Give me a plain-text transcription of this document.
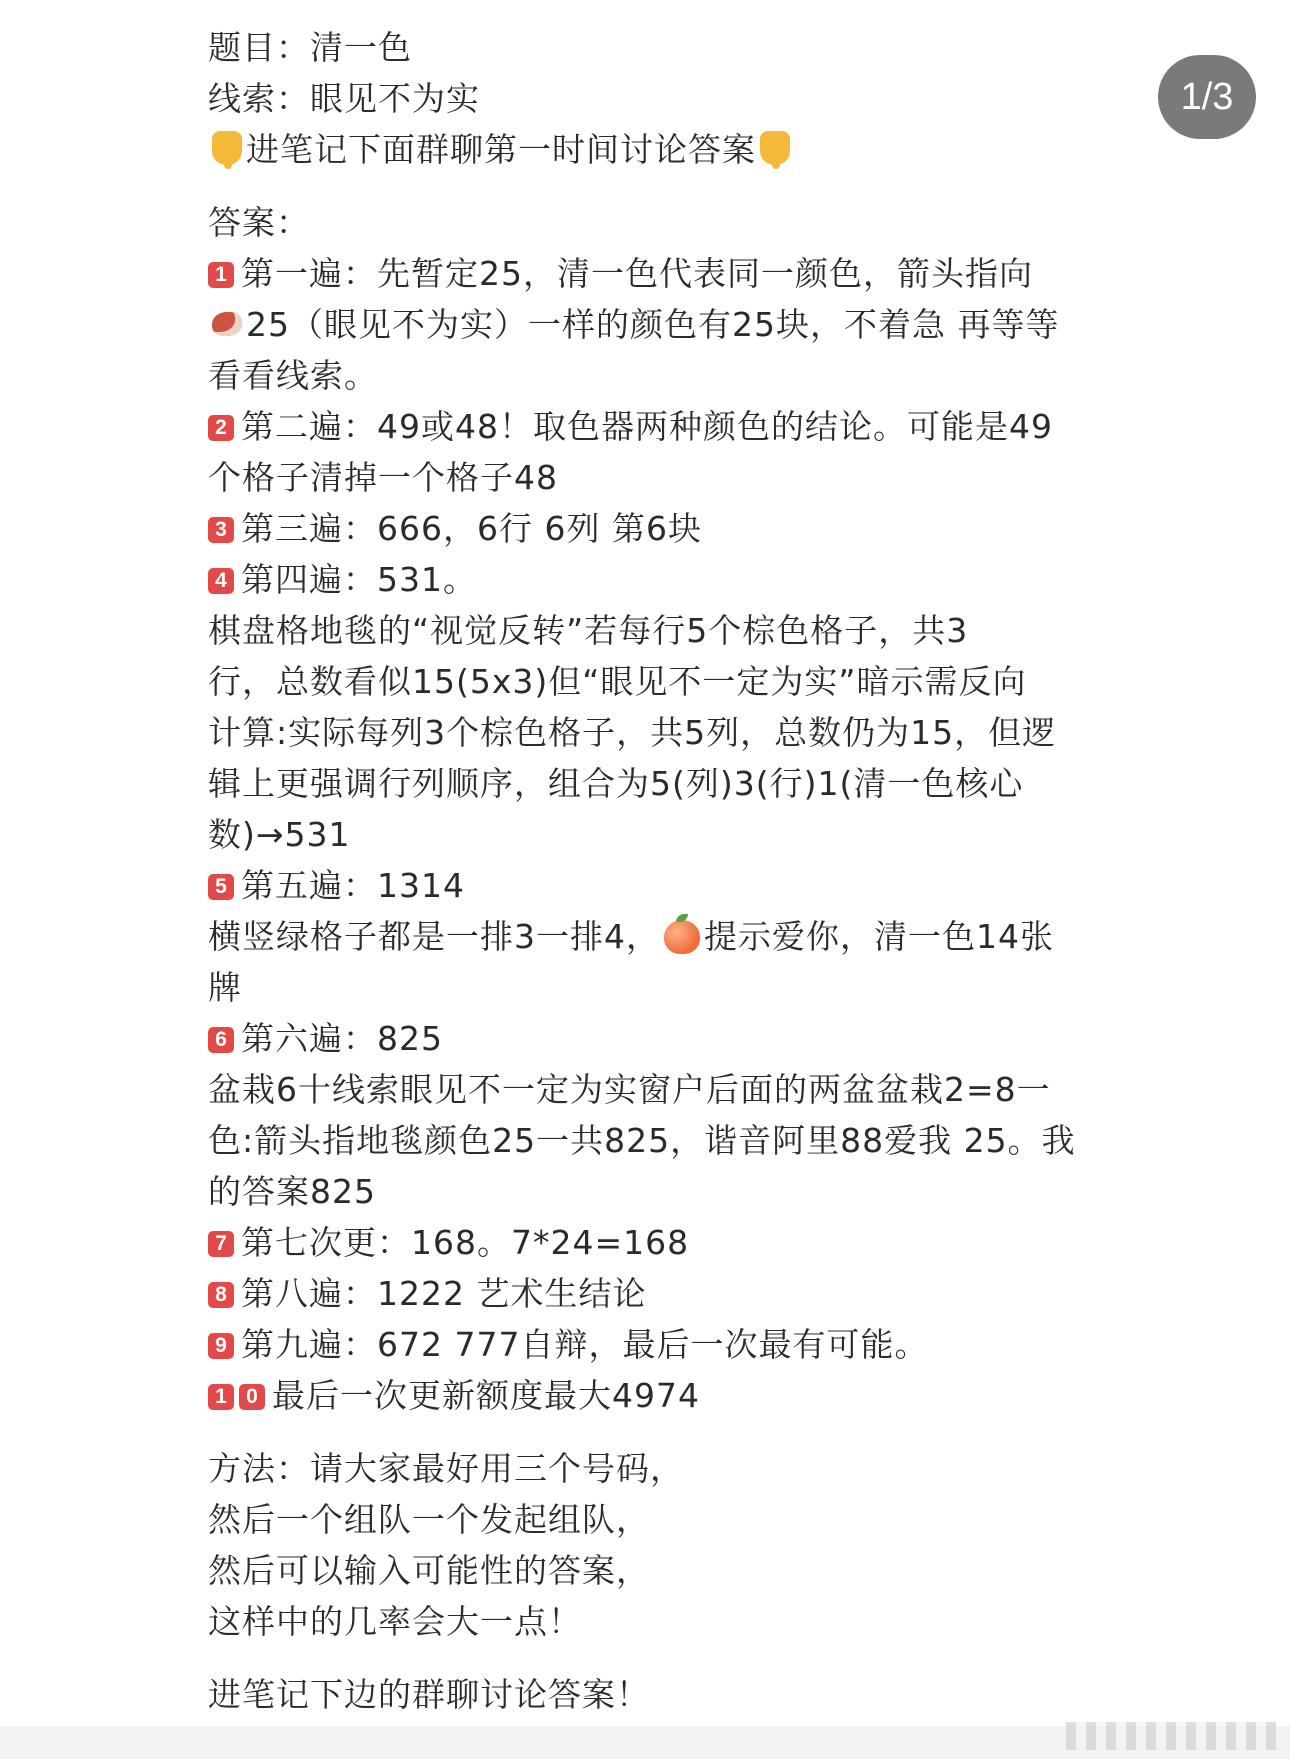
1/3
题目：清一色
线索：眼见不为实
进笔记下面群聊第一时间讨论答案
答案：
1 第一遍：先暂定25，清一色代表同一颜色，箭头指向
25（眼见不为实）一样的颜色有25块，不着急 再等等
看看线索。
2 第二遍：49或48！取色器两种颜色的结论。可能是49
个格子清掉一个格子48
3 第三遍：666，6行 6列 第6块
4 第四遍：531。
棋盘格地毯的“视觉反转”若每行5个棕色格子，共3
行，总数看似15(5x3)但“眼见不一定为实”暗示需反向
计算:实际每列3个棕色格子，共5列，总数仍为15，但逻
辑上更强调行列顺序，组合为5(列)3(行)1(清一色核心
数)→531
5 第五遍：1314
横竖绿格子都是一排3一排4， 提示爱你，清一色14张
牌
6 第六遍：825
盆栽6十线索眼见不一定为实窗户后面的两盆盆栽2=8一
色:箭头指地毯颜色25一共825，谐音阿里88爱我 25。我
的答案825
7 第七次更：168。7*24=168
8 第八遍：1222 艺术生结论
9 第九遍：672 777自辩，最后一次最有可能。
1 0 最后一次更新额度最大4974
方法：请大家最好用三个号码，
然后一个组队一个发起组队，
然后可以输入可能性的答案，
这样中的几率会大一点！
进笔记下边的群聊讨论答案！
